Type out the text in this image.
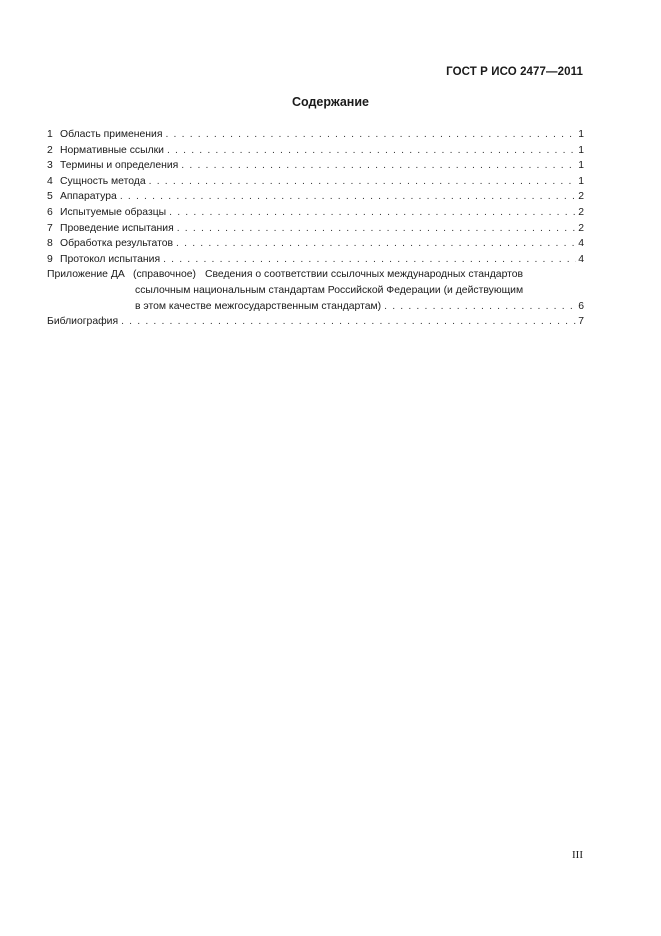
ГОСТ Р ИСО 2477—2011
Содержание
1 Область применения . . .	1
2 Нормативные ссылки . . .	1
3 Термины и определения . . .	1
4 Сущность метода . . .	1
5 Аппаратура . . .	2
6 Испытуемые образцы . . .	2
7 Проведение испытания . . .	2
8 Обработка результатов . . .	4
9 Протокол испытания . . .	4
Приложение ДА (справочное) Сведения о соответствии ссылочных международных стандартов
ссылочным национальным стандартам Российской Федерации (и действующим
в этом качестве межгосударственным стандартам) . . .	6
Библиография . . .	7
III
